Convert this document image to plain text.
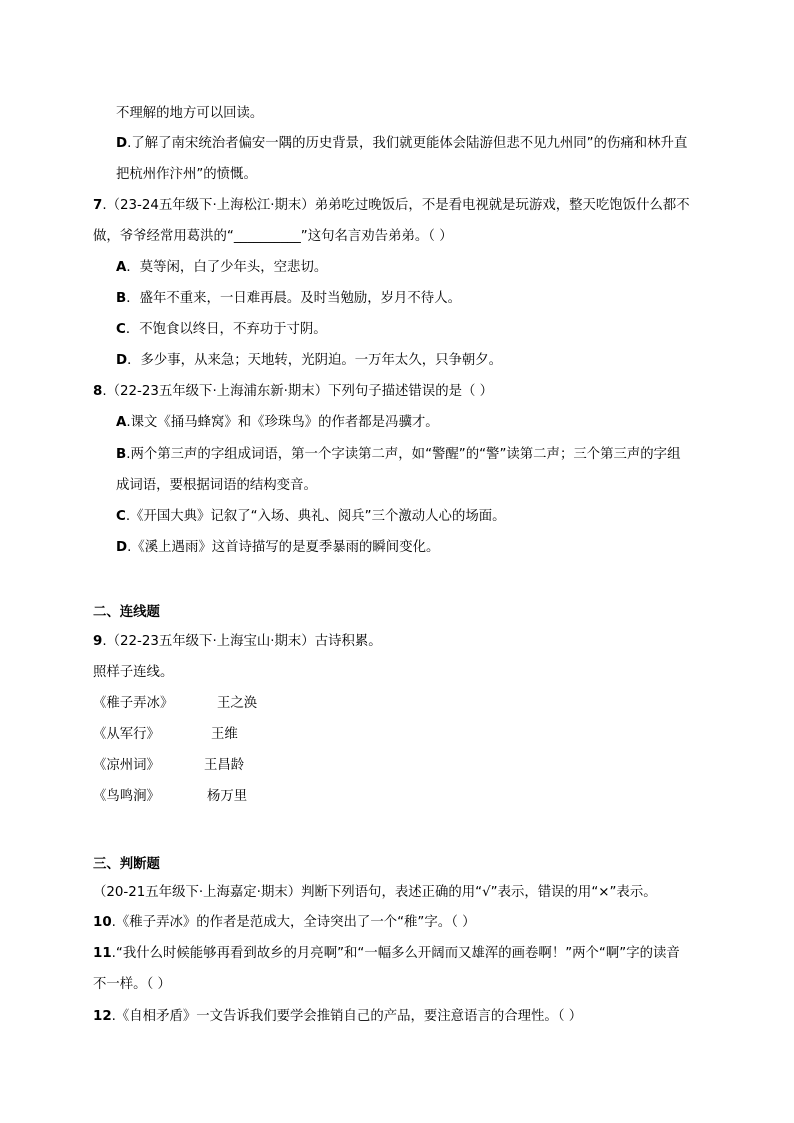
不理解的地方可以回读。
D.了解了南宋统治者偏安一隅的历史背景，我们就更能体会陆游但悲不见九州同”的伤痛和林升直
把杭州作汴州”的愤慨。
7.（23-24五年级下·上海松江·期末）弟弟吃过晚饭后，不是看电视就是玩游戏，整天吃饱饭什么都不
做，爷爷经常用葛洪的“__________”这句名言劝告弟弟。（ ）
A．莫等闲，白了少年头，空悲切。
B．盛年不重来，一日难再晨。及时当勉励，岁月不待人。
C．不饱食以终日，不弃功于寸阴。
D．多少事，从来急；天地转，光阴迫。一万年太久，只争朝夕。
8.（22-23五年级下·上海浦东新·期末）下列句子描述错误的是（ ）
A.课文《捅马蜂窝》和《珍珠鸟》的作者都是冯骥才。
B.两个第三声的字组成词语，第一个字读第二声，如“警醒”的“警”读第二声；三个第三声的字组
成词语，要根据词语的结构变音。
C.《开国大典》记叙了“入场、典礼、阅兵”三个激动人心的场面。
D.《溪上遇雨》这首诗描写的是夏季暴雨的瞬间变化。
二、连线题
9.（22-23五年级下·上海宝山·期末）古诗积累。
照样子连线。
《稚子弄冰》	王之涣
《从军行》	王维
《凉州词》	王昌龄
《鸟鸣涧》	杨万里
三、判断题
（20-21五年级下·上海嘉定·期末）判断下列语句，表述正确的用“√”表示，错误的用“×”表示。
10.《稚子弄冰》的作者是范成大，全诗突出了一个“稚”字。（ ）
11.“我什么时候能够再看到故乡的月亮啊”和“一幅多么开阔而又雄浑的画卷啊！”两个“啊”字的读音
不一样。（ ）
12.《自相矛盾》一文告诉我们要学会推销自己的产品，要注意语言的合理性。（ ）
